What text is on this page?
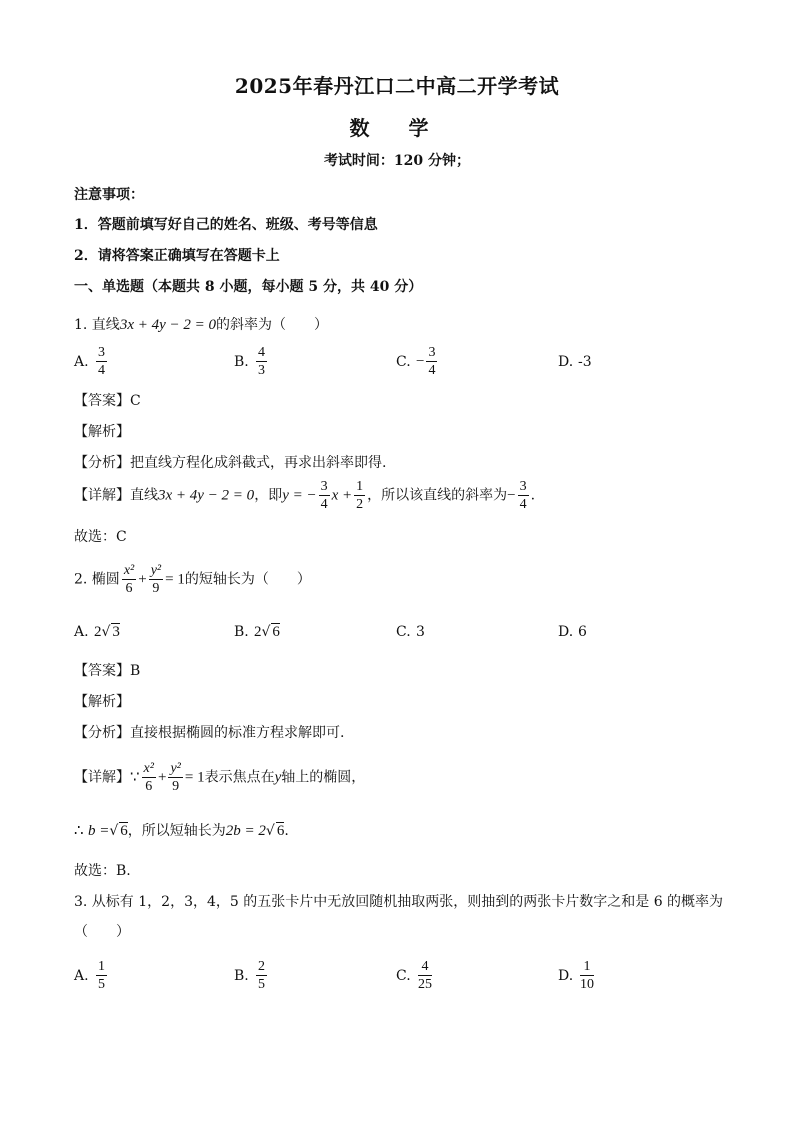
2025年春丹江口二中高二开学考试
数 学
考试时间：120 分钟；
注意事项：
1．答题前填写好自己的姓名、班级、考号等信息
2．请将答案正确填写在答题卡上
一、单选题（本题共 8 小题，每小题 5 分，共 40 分）
1. 直线3x + 4y − 2 = 0的斜率为（　　）
A. $\frac{3}{4}$	B. $\frac{4}{3}$	C. − $\frac{3}{4}$	D. -3
【答案】C
【解析】
【分析】把直线方程化成斜截式，再求出斜率即得.
【详解】直线3x + 4y − 2 = 0，即y = − $\frac{3}{4}$ $x + \frac{1}{2}$ ，所以该直线的斜率为− $\frac{3}{4}$ .
故选：C
2. 椭圆 $\frac{\text{x²}}{6} + \frac{\text{y²}}{9} = 1$的短轴长为（　　）
A. 2√ 3	B. 2√ 6	C. 3	D. 6
【答案】B
【解析】
【分析】直接根据椭圆的标准方程求解即可.
【详解】∵ $\frac{\text{x²}}{6} + \frac{\text{y²}}{9} = 1$表示焦点在y轴上的椭圆，
∴ b =√ 6，所以短轴长为2b = 2√ 6.
故选：B.
3. 从标有 1，2，3，4，5 的五张卡片中无放回随机抽取两张，则抽到的两张卡片数字之和是 6 的概率为
（　　）
A. $\frac{1}{5}$	B. $\frac{2}{5}$	C. $\frac{4}{25}$	D. $\frac{1}{10}$
